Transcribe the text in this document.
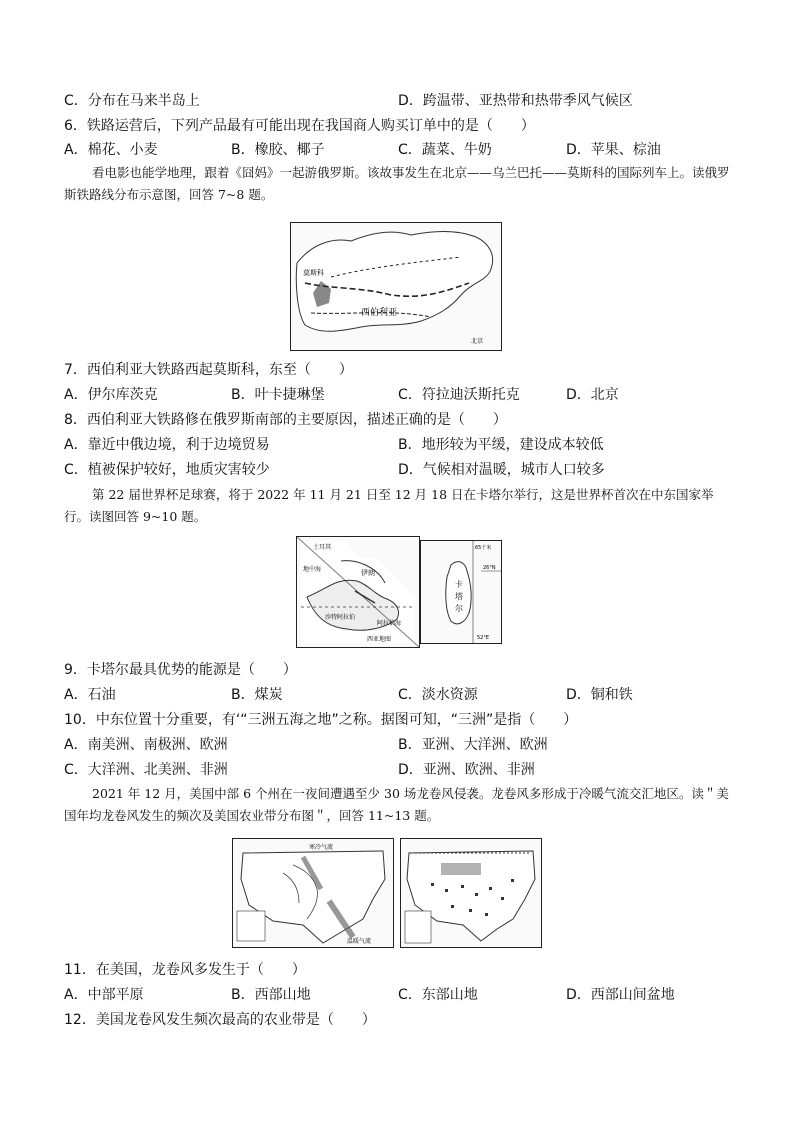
C．分布在马来半岛上	D．跨温带、亚热带和热带季风气候区
6．铁路运营后，下列产品最有可能出现在我国商人购买订单中的是（　　）
A．棉花、小麦	B．橡胶、椰子	C．蔬菜、牛奶	D．苹果、棕油
看电影也能学地理，跟着《囧妈》一起游俄罗斯。该故事发生在北京——乌兰巴托——莫斯科的国际列车上。读俄罗斯铁路线分布示意图，回答 7~8 题。
西伯利亚
莫斯科
北京
7．西伯利亚大铁路西起莫斯科，东至（　　）
A．伊尔库茨克	B．叶卡捷琳堡	C．符拉迪沃斯托克	D．北京
8．西伯利亚大铁路修在俄罗斯南部的主要原因，描述正确的是（　　）
A．靠近中俄边境，利于边境贸易	B．地形较为平缓，建设成本较低
C．植被保护较好，地质灾害较少	D．气候相对温暖，城市人口较多
第 22 届世界杯足球赛，将于 2022 年 11 月 21 日至 12 月 18 日在卡塔尔举行，这是世界杯首次在中东国家举行。读图回答 9~10 题。
土耳其
地中海	伊朗
沙特阿拉伯
阿拉伯海
西亚地图
卡
塔
尔
65千米
26°N
52°E
9．卡塔尔最具优势的能源是（　　）
A．石油	B．煤炭	C．淡水资源	D．铜和铁
10．中东位置十分重要，有‘“三洲五海之地”之称。据图可知，“三洲”是指（　　）
A．南美洲、南极洲、欧洲	B．亚洲、大洋洲、欧洲
C．大洋洲、北美洲、非洲	D．亚洲、欧洲、非洲
2021 年 12 月，美国中部 6 个州在一夜间遭遇至少 30 场龙卷风侵袭。龙卷风多形成于冷暖气流交汇地区。读＂美国年均龙卷风发生的频次及美国农业带分布图＂，回答 11~13 题。
寒冷气流
温暖气流
11．在美国，龙卷风多发生于（　　）
A．中部平原	B．西部山地	C．东部山地	D．西部山间盆地
12．美国龙卷风发生频次最高的农业带是（　　）
